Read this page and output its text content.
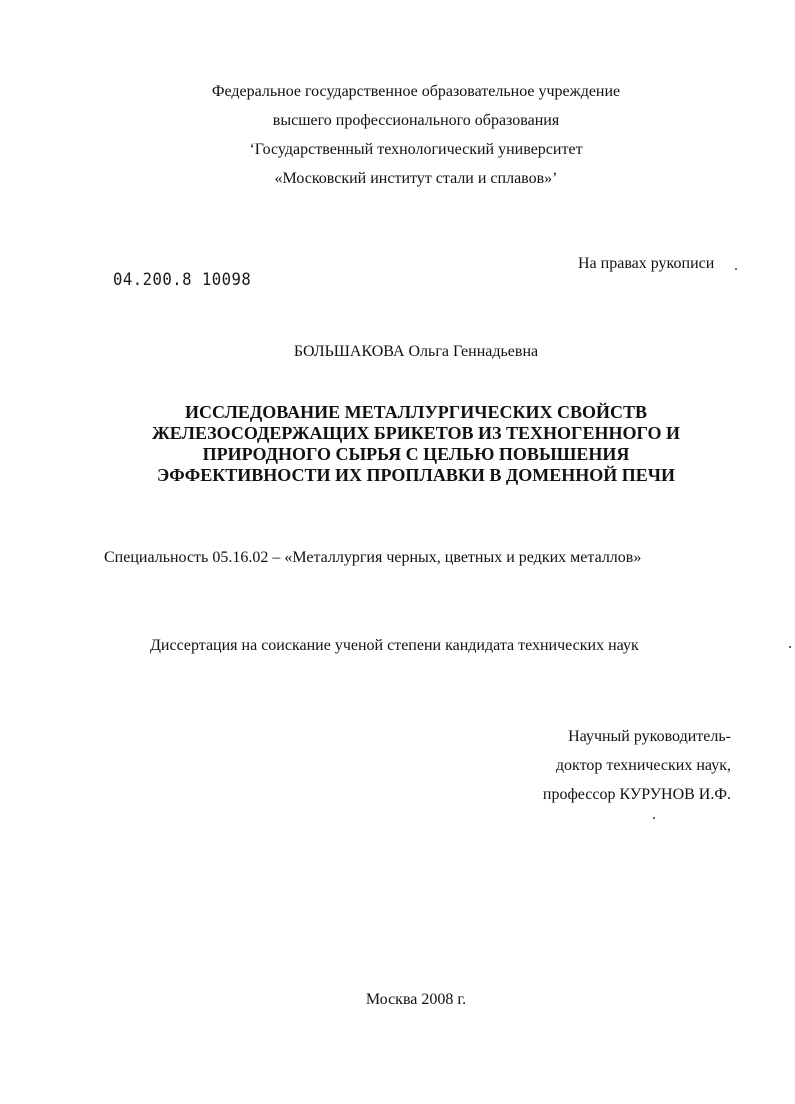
Федеральное государственное образовательное учреждение
высшего профессионального образования
‘Государственный технологический университет
«Московский институт стали и сплавов»’
На правах рукописи
04.200.8 10098
БОЛЬШАКОВА Ольга Геннадьевна
ИССЛЕДОВАНИЕ МЕТАЛЛУРГИЧЕСКИХ СВОЙСТВ
ЖЕЛЕЗОСОДЕРЖАЩИХ БРИКЕТОВ ИЗ ТЕХНОГЕННОГО И
ПРИРОДНОГО СЫРЬЯ С ЦЕЛЬЮ ПОВЫШЕНИЯ
ЭФФЕКТИВНОСТИ ИХ ПРОПЛАВКИ В ДОМЕННОЙ ПЕЧИ
Специальность 05.16.02 – «Металлургия черных, цветных и редких металлов»
Диссертация на соискание ученой степени кандидата технических наук
Научный руководитель-
доктор технических наук,
профессор КУРУНОВ И.Ф.
Москва 2008 г.
